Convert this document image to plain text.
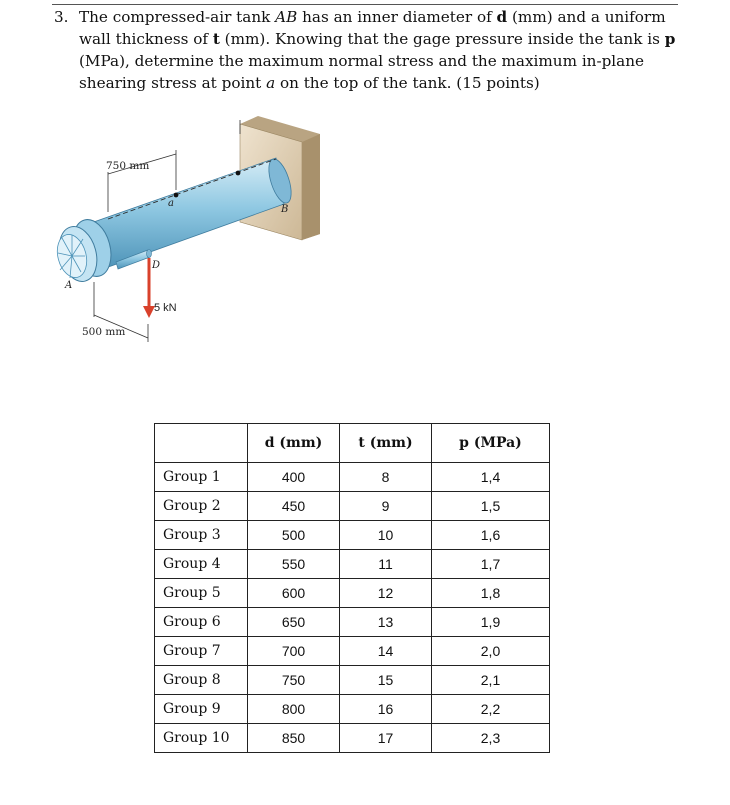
3. The compressed-air tank AB has an inner diameter of d (mm) and a uniform wall thickness of t (mm). Knowing that the gage pressure inside the tank is p (MPa), determine the maximum normal stress and the maximum in-plane shearing stress at point a on the top of the tank. (15 points)
750 mm
500 mm
5 kN
a
A
B
D
	d (mm)	t (mm)	p (MPa)
Group 1	400	8	1,4
Group 2	450	9	1,5
Group 3	500	10	1,6
Group 4	550	11	1,7
Group 5	600	12	1,8
Group 6	650	13	1,9
Group 7	700	14	2,0
Group 8	750	15	2,1
Group 9	800	16	2,2
Group 10	850	17	2,3
